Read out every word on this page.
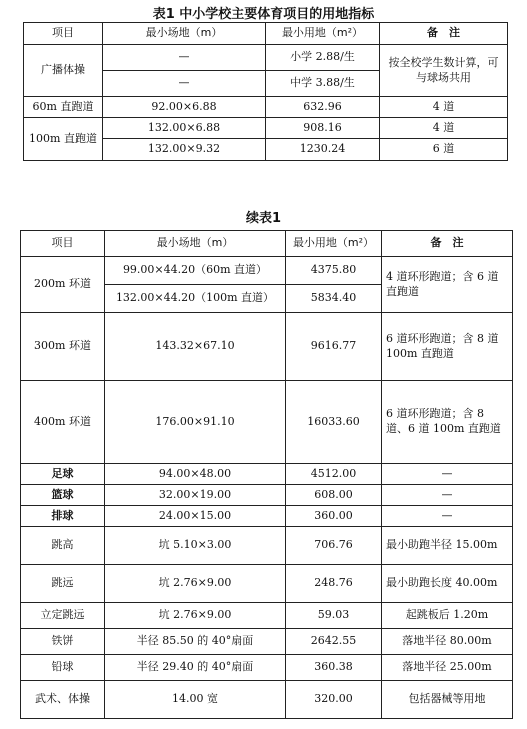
表1 中小学校主要体育项目的用地指标
项目	最小场地（m）	最小用地（m²）	备　注
广播体操	—	小学 2.88/生	按全校学生数计算，可与球场共用
	—	中学 3.88/生	
60m 直跑道	92.00×6.88	632.96	4 道
100m 直跑道	132.00×6.88	908.16	4 道
	132.00×9.32	1230.24	6 道
续表1
项目	最小场地（m）	最小用地（m²）	备　注
200m 环道	99.00×44.20（60m 直道）	4375.80	4 道环形跑道；含 6 道直跑道
	132.00×44.20（100m 直道）	5834.40	
300m 环道	143.32×67.10	9616.77	6 道环形跑道；含 8 道 100m 直跑道
400m 环道	176.00×91.10	16033.60	6 道环形跑道；含 8 道、6 道 100m 直跑道
足球	94.00×48.00	4512.00	—
篮球	32.00×19.00	608.00	—
排球	24.00×15.00	360.00	—
跳高	坑 5.10×3.00	706.76	最小助跑半径 15.00m
跳远	坑 2.76×9.00	248.76	最小助跑长度 40.00m
立定跳远	坑 2.76×9.00	59.03	起跳板后 1.20m
铁饼	半径 85.50 的 40°扇面	2642.55	落地半径 80.00m
铅球	半径 29.40 的 40°扇面	360.38	落地半径 25.00m
武术、体操	14.00 宽	320.00	包括器械等用地
